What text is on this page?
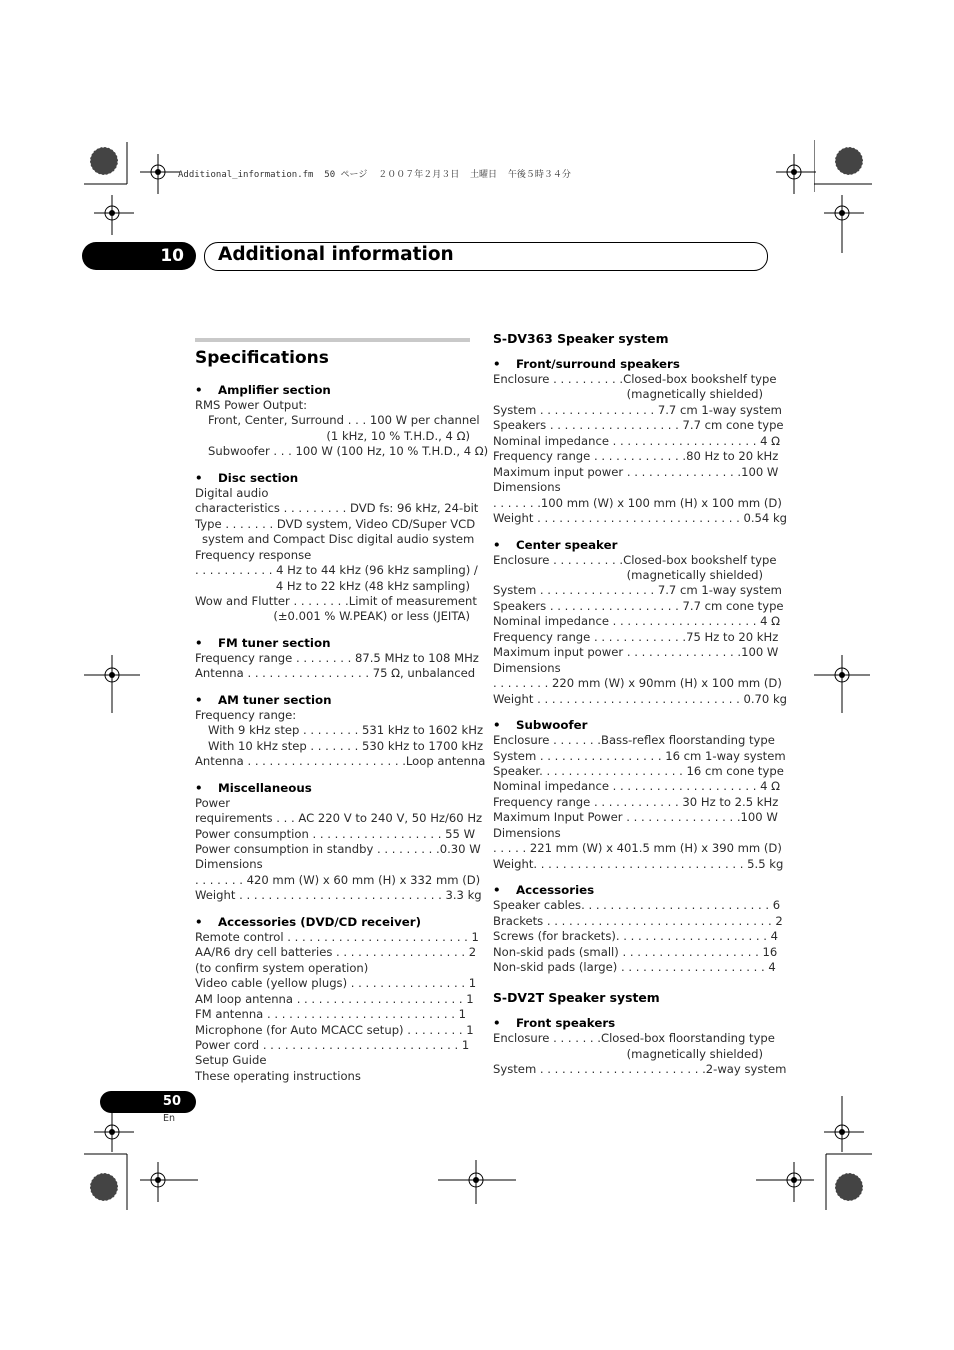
Additional_information.fm  50 ページ  ２００７年２月３日  土曜日  午後５時３４分
10 Additional information
Specifications
• Amplifier section
RMS Power Output:
Front, Center, Surround . . . 100 W per channel
(1 kHz, 10 % T.H.D., 4 Ω)
Subwoofer . . . 100 W (100 Hz, 10 % T.H.D., 4 Ω)
• Disc section
Digital audio
characteristics . . . . . . . . . DVD fs: 96 kHz, 24-bit
Type . . . . . . . DVD system, Video CD/Super VCD
system and Compact Disc digital audio system
Frequency response
. . . . . . . . . . . 4 Hz to 44 kHz (96 kHz sampling) /
4 Hz to 22 kHz (48 kHz sampling)
Wow and Flutter . . . . . . . .Limit of measurement
(±0.001 % W.PEAK) or less (JEITA)
• FM tuner section
Frequency range . . . . . . . . 87.5 MHz to 108 MHz
Antenna . . . . . . . . . . . . . . . . . 75 Ω, unbalanced
• AM tuner section
Frequency range:
With 9 kHz step . . . . . . . . 531 kHz to 1602 kHz
With 10 kHz step . . . . . . . 530 kHz to 1700 kHz
Antenna . . . . . . . . . . . . . . . . . . . . . .Loop antenna
• Miscellaneous
Power
requirements . . . AC 220 V to 240 V, 50 Hz/60 Hz
Power consumption . . . . . . . . . . . . . . . . . . 55 W
Power consumption in standby . . . . . . . . .0.30 W
Dimensions
. . . . . . . 420 mm (W) x 60 mm (H) x 332 mm (D)
Weight . . . . . . . . . . . . . . . . . . . . . . . . . . . . 3.3 kg
• Accessories (DVD/CD receiver)
Remote control . . . . . . . . . . . . . . . . . . . . . . . . . 1
AA/R6 dry cell batteries . . . . . . . . . . . . . . . . . . 2
(to confirm system operation)
Video cable (yellow plugs) . . . . . . . . . . . . . . . . 1
AM loop antenna . . . . . . . . . . . . . . . . . . . . . . . 1
FM antenna . . . . . . . . . . . . . . . . . . . . . . . . . . 1
Microphone (for Auto MCACC setup) . . . . . . . . 1
Power cord . . . . . . . . . . . . . . . . . . . . . . . . . . . 1
Setup Guide
These operating instructions
S-DV363 Speaker system
• Front/surround speakers
Enclosure . . . . . . . . . .Closed-box bookshelf type
(magnetically shielded)
System . . . . . . . . . . . . . . . . 7.7 cm 1-way system
Speakers . . . . . . . . . . . . . . . . . . 7.7 cm cone type
Nominal impedance . . . . . . . . . . . . . . . . . . . . 4 Ω
Frequency range . . . . . . . . . . . . .80 Hz to 20 kHz
Maximum input power . . . . . . . . . . . . . . . .100 W
Dimensions
. . . . . . .100 mm (W) x 100 mm (H) x 100 mm (D)
Weight . . . . . . . . . . . . . . . . . . . . . . . . . . . . 0.54 kg
• Center speaker
Enclosure . . . . . . . . . .Closed-box bookshelf type
(magnetically shielded)
System . . . . . . . . . . . . . . . . 7.7 cm 1-way system
Speakers . . . . . . . . . . . . . . . . . . 7.7 cm cone type
Nominal impedance . . . . . . . . . . . . . . . . . . . . 4 Ω
Frequency range . . . . . . . . . . . . .75 Hz to 20 kHz
Maximum input power . . . . . . . . . . . . . . . .100 W
Dimensions
. . . . . . . . 220 mm (W) x 90mm (H) x 100 mm (D)
Weight . . . . . . . . . . . . . . . . . . . . . . . . . . . . 0.70 kg
• Subwoofer
Enclosure . . . . . . .Bass-reflex floorstanding type
System . . . . . . . . . . . . . . . . . 16 cm 1-way system
Speaker. . . . . . . . . . . . . . . . . . . . 16 cm cone type
Nominal impedance . . . . . . . . . . . . . . . . . . . . 4 Ω
Frequency range . . . . . . . . . . . . 30 Hz to 2.5 kHz
Maximum Input Power . . . . . . . . . . . . . . . .100 W
Dimensions
. . . . . 221 mm (W) x 401.5 mm (H) x 390 mm (D)
Weight. . . . . . . . . . . . . . . . . . . . . . . . . . . . . 5.5 kg
• Accessories
Speaker cables. . . . . . . . . . . . . . . . . . . . . . . . . . 6
Brackets . . . . . . . . . . . . . . . . . . . . . . . . . . . . . . . 2
Screws (for brackets). . . . . . . . . . . . . . . . . . . . . 4
Non-skid pads (small) . . . . . . . . . . . . . . . . . . . 16
Non-skid pads (large) . . . . . . . . . . . . . . . . . . . . 4
S-DV2T Speaker system
• Front speakers
Enclosure . . . . . . .Closed-box floorstanding type
(magnetically shielded)
System . . . . . . . . . . . . . . . . . . . . . . .2-way system
50
En
